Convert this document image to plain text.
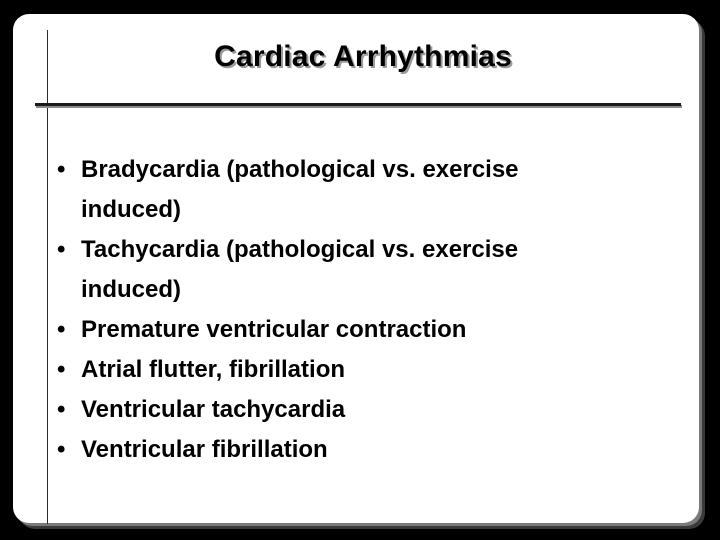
Cardiac Arrhythmias
• Bradycardia (pathological vs. exercise
induced)
• Tachycardia (pathological vs. exercise
induced)
• Premature ventricular contraction
• Atrial flutter, fibrillation
• Ventricular tachycardia
• Ventricular fibrillation
